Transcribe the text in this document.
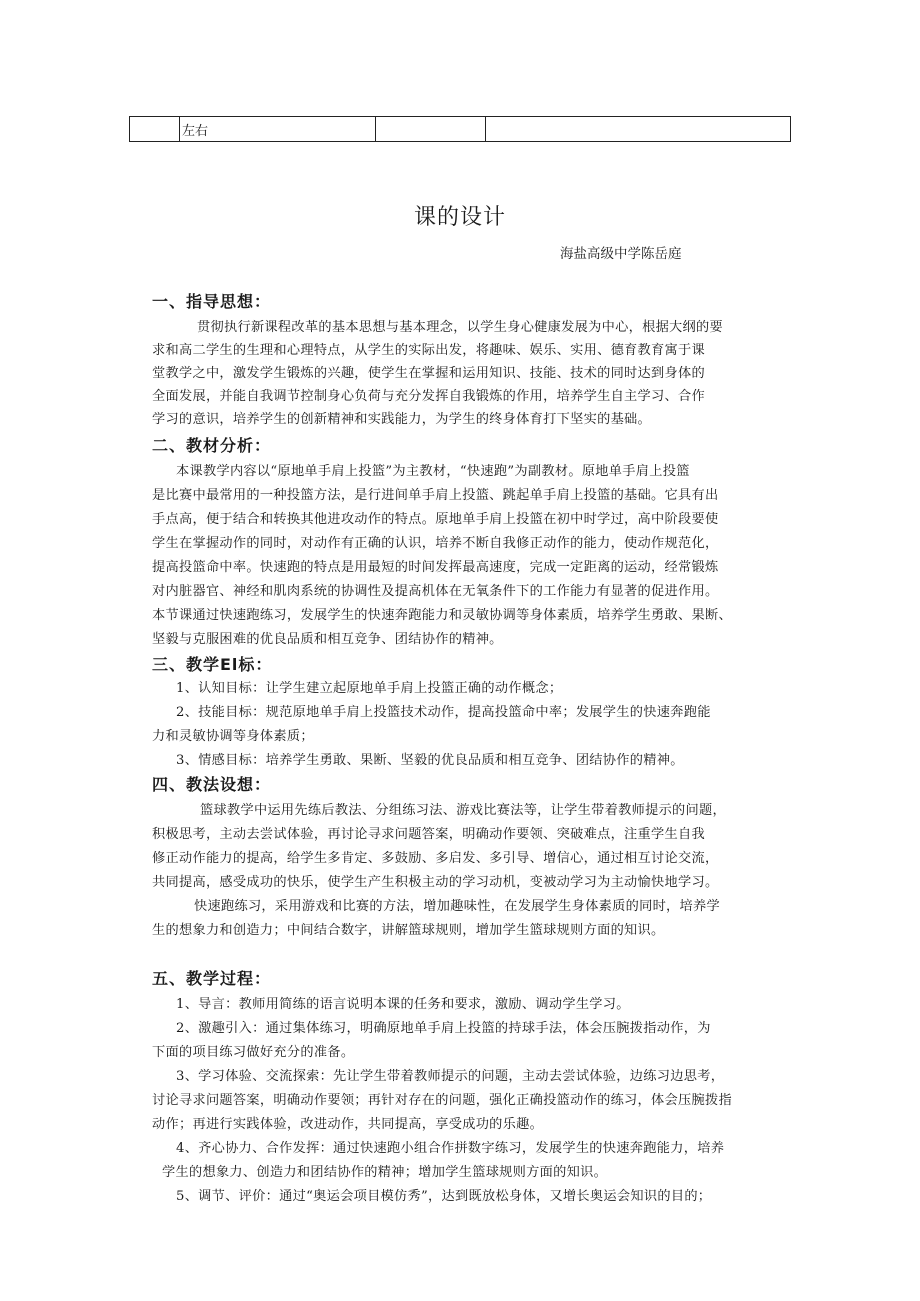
	左右		
课的设计
海盐高级中学陈岳庭
一、指导思想：
贯彻执行新课程改革的基本思想与基本理念，以学生身心健康发展为中心，根据大纲的要
求和高二学生的生理和心理特点，从学生的实际出发，将趣味、娱乐、实用、德育教育寓于课
堂教学之中，激发学生锻炼的兴趣，使学生在掌握和运用知识、技能、技术的同时达到身体的
全面发展，并能自我调节控制身心负荷与充分发挥自我锻炼的作用，培养学生自主学习、合作
学习的意识，培养学生的创新精神和实践能力，为学生的终身体育打下坚实的基础。
二、教材分析：
本课教学内容以“原地单手肩上投篮”为主教材，“快速跑”为副教材。原地单手肩上投篮
是比赛中最常用的一种投篮方法，是行进间单手肩上投篮、跳起单手肩上投篮的基础。它具有出
手点高，便于结合和转换其他进攻动作的特点。原地单手肩上投篮在初中时学过，高中阶段要使
学生在掌握动作的同时，对动作有正确的认识，培养不断自我修正动作的能力，使动作规范化，
提高投篮命中率。快速跑的特点是用最短的时间发挥最高速度，完成一定距离的运动，经常锻炼
对内脏器官、神经和肌肉系统的协调性及提高机体在无氧条件下的工作能力有显著的促进作用。
本节课通过快速跑练习，发展学生的快速奔跑能力和灵敏协调等身体素质，培养学生勇敢、果断、
坚毅与克服困难的优良品质和相互竞争、团结协作的精神。
三、教学El标：
1、认知目标：让学生建立起原地单手肩上投篮正确的动作概念；
2、技能目标：规范原地单手肩上投篮技术动作，提高投篮命中率；发展学生的快速奔跑能
力和灵敏协调等身体素质；
3、情感目标：培养学生勇敢、果断、坚毅的优良品质和相互竞争、团结协作的精神。
四、教法设想：
篮球教学中运用先练后教法、分组练习法、游戏比赛法等，让学生带着教师提示的问题，
积极思考，主动去尝试体验，再讨论寻求问题答案，明确动作要领、突破难点，注重学生自我
修正动作能力的提高，给学生多肯定、多鼓励、多启发、多引导、增信心，通过相互讨论交流，
共同提高，感受成功的快乐，使学生产生积极主动的学习动机，变被动学习为主动愉快地学习。
快速跑练习，采用游戏和比赛的方法，增加趣味性，在发展学生身体素质的同时，培养学
生的想象力和创造力；中间结合数字，讲解篮球规则，增加学生篮球规则方面的知识。
五、教学过程：
1、导言：教师用简练的语言说明本课的任务和要求，激励、调动学生学习。
2、激趣引入：通过集体练习，明确原地单手肩上投篮的持球手法，体会压腕拨指动作，为
下面的项目练习做好充分的准备。
3、学习体验、交流探索：先让学生带着教师提示的问题，主动去尝试体验，边练习边思考，
讨论寻求问题答案，明确动作要领；再针对存在的问题，强化正确投篮动作的练习，体会压腕拨指
动作；再进行实践体验，改进动作，共同提高，享受成功的乐趣。
4、齐心协力、合作发挥：通过快速跑小组合作拼数字练习，发展学生的快速奔跑能力，培养
学生的想象力、创造力和团结协作的精神；增加学生篮球规则方面的知识。
5、调节、评价：通过“奥运会项目模仿秀”，达到既放松身体，又增长奥运会知识的目的；
